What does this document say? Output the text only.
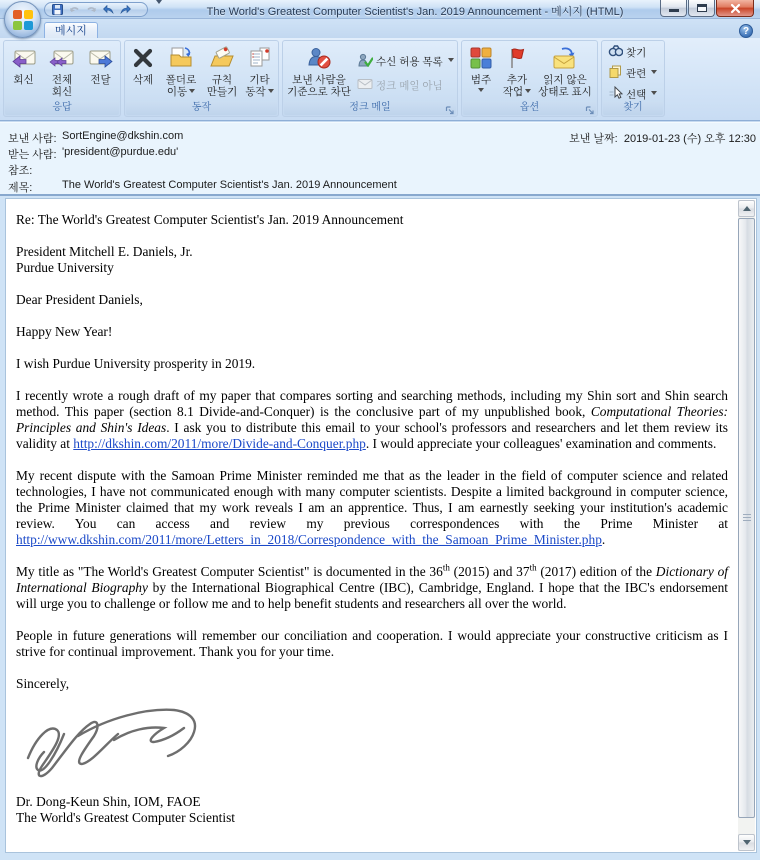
The World's Greatest Computer Scientist's Jan. 2019 Announcement - 메시지 (HTML)
메시지	?
회신	전체 회신
전달
응답
삭제	폴더로 이동
규칙 만들기
기타 동작
동작
보낸 사람을 기준으로 차단
수신 허용 목록
정크 메일 아님
정크 메일
범주	추가 작업
읽지 않은 상태로 표시
옵션
찾기
관련
선택
찾기
보낸 사람: SortEngine@dkshin.com
받는 사람: 'president@purdue.edu'
참조:
제목:	The World's Greatest Computer Scientist's Jan. 2019 Announcement
보낸 날짜: 2019-01-23 (수) 오후 12:30

Re: The World's Greatest Computer Scientist's Jan. 2019 Announcement

President Mitchell E. Daniels, Jr.
Purdue University

Dear President Daniels,

Happy New Year!

I wish Purdue University prosperity in 2019.

I recently wrote a rough draft of my paper that compares sorting and searching methods, including my Shin sort and Shin search method. This paper (section 8.1 Divide-and-Conquer) is the conclusive part of my unpublished book, Computational Theories: Principles and Shin's Ideas. I ask you to distribute this email to your school's professors and researchers and let them review its validity at http://dkshin.com/2011/more/Divide-and-Conquer.php. I would appreciate your colleagues' examination and comments.

My recent dispute with the Samoan Prime Minister reminded me that as the leader in the field of computer science and related technologies, I have not communicated enough with many computer scientists. Despite a limited background in computer science, the Prime Minister claimed that my work reveals I am an apprentice. Thus, I am earnestly seeking your institution's academic review. You can access and review my previous correspondences with the Prime Minister at http://www.dkshin.com/2011/more/Letters_in_2018/Correspondence_with_the_Samoan_Prime_Minister.php.

My title as "The World's Greatest Computer Scientist" is documented in the 36th (2015) and 37th (2017) edition of the Dictionary of International Biography by the International Biographical Centre (IBC), Cambridge, England. I hope that the IBC's endorsement will urge you to challenge or follow me and to help benefit students and researchers all over the world.

People in future generations will remember our conciliation and cooperation. I would appreciate your constructive criticism as I strive for continual improvement. Thank you for your time.

Sincerely,

Dr. Dong-Keun Shin, IOM, FAOE
The World's Greatest Computer Scientist
